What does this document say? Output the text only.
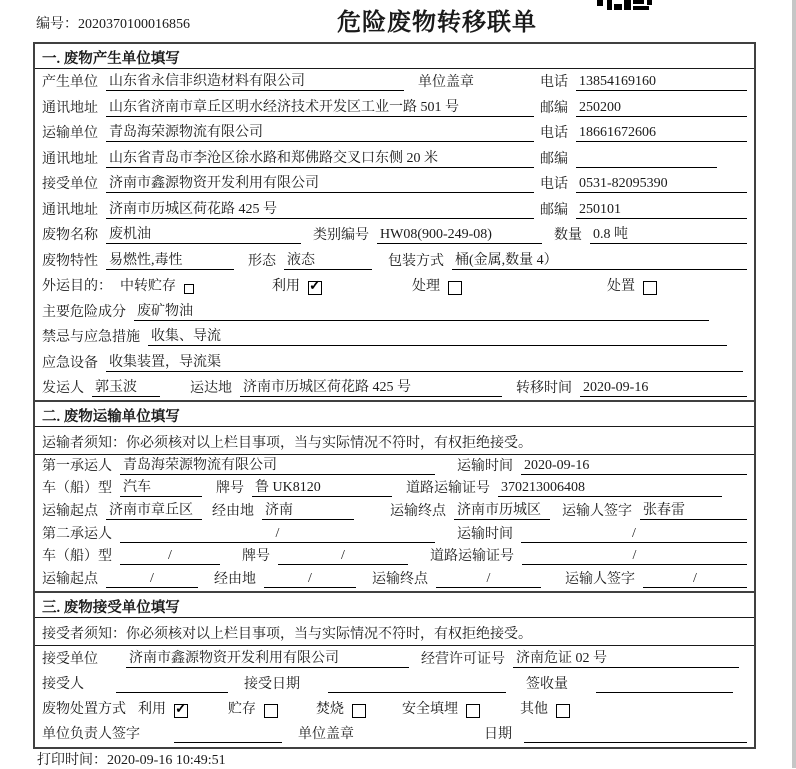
编号：2020370100016856	危险废物转移联单
一. 废物产生单位填写
产生单位 山东省永信非织造材料有限公司	单位盖章	电话 13854169160
通讯地址 山东省济南市章丘区明水经济技术开发区工业一路 501 号	邮编 250200
运输单位 青岛海荣源物流有限公司	电话 18661672606
通讯地址 山东省青岛市李沧区徐水路和郑佛路交叉口东侧 20 米	邮编
接受单位 济南市鑫源物资开发利用有限公司	电话 0531-82095390
通讯地址 济南市历城区荷花路 425 号	邮编 250101
废物名称 废机油	类别编号 HW08(900-249-08)	数量 0.8 吨
废物特性 易燃性,毒性	形态 液态	包装方式 桶(金属,数量 4）
外运目的： 中转贮存	利用 ✓	处理	处置
主要危险成分 废矿物油
禁忌与应急措施 收集、导流
应急设备 收集装置，导流渠
发运人 郭玉波	运达地 济南市历城区荷花路 425 号	转移时间 2020-09-16
二. 废物运输单位填写
运输者须知：你必须核对以上栏目事项，当与实际情况不符时，有权拒绝接受。
第一承运人 青岛海荣源物流有限公司	运输时间 2020-09-16
车（船）型 汽车	牌号 鲁 UK8120	道路运输证号 370213006408
运输起点 济南市章丘区	经由地 济南	运输终点 济南市历城区	运输人签字 张春雷
第二承运人	/	运输时间	/
车（船）型	/	牌号	/	道路运输证号	/
运输起点	/	经由地	/	运输终点	/	运输人签字	/
三. 废物接受单位填写
接受者须知：你必须核对以上栏目事项，当与实际情况不符时，有权拒绝接受。
接受单位 济南市鑫源物资开发利用有限公司	经营许可证号 济南危证 02 号
接受人	接受日期	签收量
废物处置方式 利用 ✓	贮存	焚烧	安全填埋	其他
单位负责人签字	单位盖章	日期
打印时间：2020-09-16 10:49:51
